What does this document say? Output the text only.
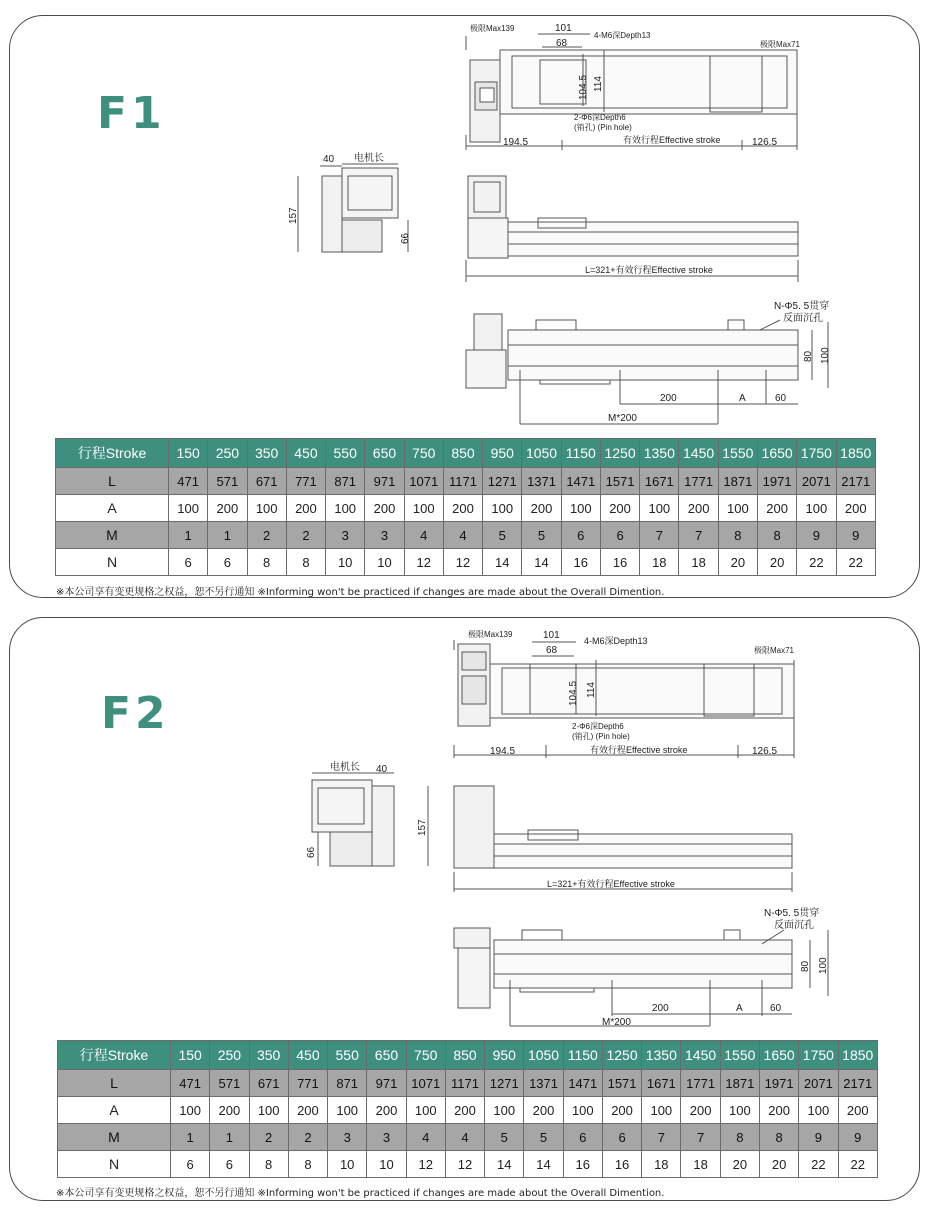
F1
极限Max139	101
68
4-M6深Depth13
极限Max71
104.5 114
2-Φ6深Depth6
(销孔) (Pin hole)
194.5	有效行程Effective stroke	126.5
40 电机长
157
66
L=321+有效行程Effective stroke
N-Φ5. 5贯穿
反面沉孔
80 100
200	A	60
M*200
行程Stroke	150	250	350	450	550	650	750	850	950	1050	1150	1250	1350	1450	1550	1650	1750	1850
L	471	571	671	771	871	971	1071	1171	1271	1371	1471	1571	1671	1771	1871	1971	2071	2171
A	100	200	100	200	100	200	100	200	100	200	100	200	100	200	100	200	100	200
M	1	1	2	2	3	3	4	4	5	5	6	6	7	7	8	8	9	9
N	6	6	8	8	10	10	12	12	14	14	16	16	18	18	20	20	22	22
※本公司享有变更规格之权益，恕不另行通知 ※Informing won't be practiced if changes are made about the Overall Dimention.
F2
极限Max139	101
68
4-M6深Depth13
极限Max71
104.5 114
2-Φ6深Depth6
(销孔) (Pin hole)
194.5	有效行程Effective stroke	126.5
电机长 40
157
66
L=321+有效行程Effective stroke
N-Φ5. 5贯穿
反面沉孔
80 100
200	A	60
M*200
行程Stroke	150	250	350	450	550	650	750	850	950	1050	1150	1250	1350	1450	1550	1650	1750	1850
L	471	571	671	771	871	971	1071	1171	1271	1371	1471	1571	1671	1771	1871	1971	2071	2171
A	100	200	100	200	100	200	100	200	100	200	100	200	100	200	100	200	100	200
M	1	1	2	2	3	3	4	4	5	5	6	6	7	7	8	8	9	9
N	6	6	8	8	10	10	12	12	14	14	16	16	18	18	20	20	22	22
※本公司享有变更规格之权益，恕不另行通知 ※Informing won't be practiced if changes are made about the Overall Dimention.
